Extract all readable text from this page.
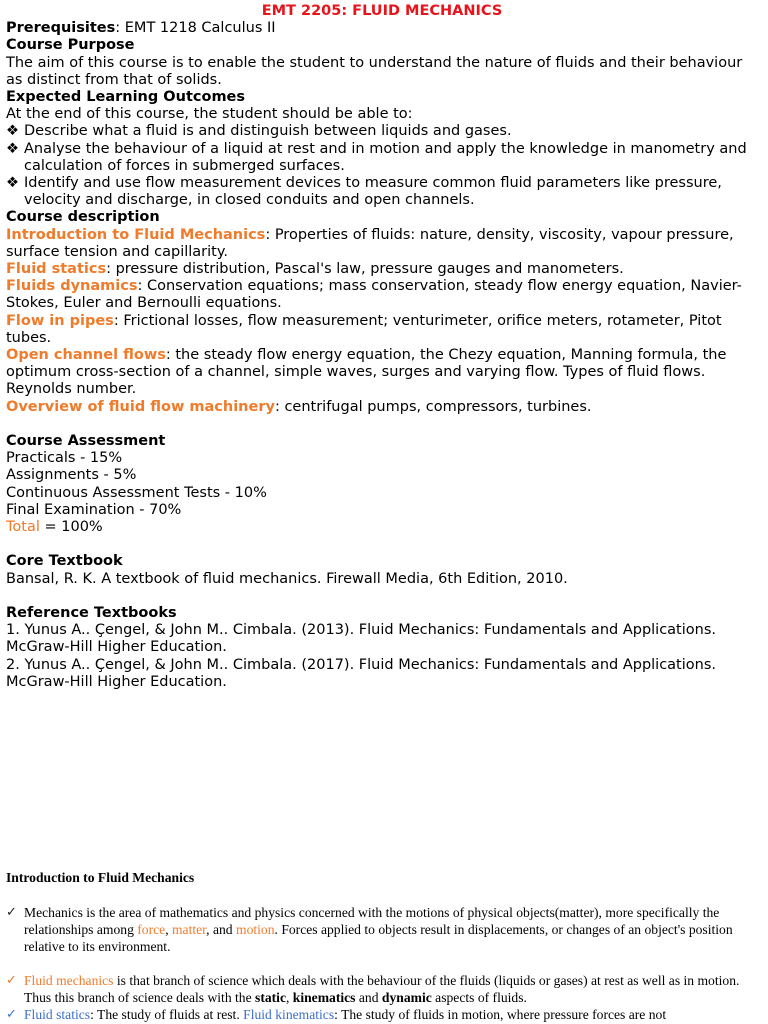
EMT 2205: FLUID MECHANICS

Prerequisites: EMT 1218 Calculus II
Course Purpose

The aim of this course is to enable the student to understand the nature of fluids and their behaviour as distinct from that of solids.

Expected Learning Outcomes

At the end of this course, the student should be able to:

❖ Describe what a fluid is and distinguish between liquids and gases.
❖ Analyse the behaviour of a liquid at rest and in motion and apply the knowledge in manometry and calculation of forces in submerged surfaces.
❖ Identify and use flow measurement devices to measure common fluid parameters like pressure, velocity and discharge, in closed conduits and open channels.
Course description

Introduction to Fluid Mechanics: Properties of fluids: nature, density, viscosity, vapour pressure, surface tension and capillarity.

Fluid statics: pressure distribution, Pascal's law, pressure gauges and manometers.

Fluids dynamics: Conservation equations; mass conservation, steady flow energy equation, Navier-Stokes, Euler and Bernoulli equations.

Flow in pipes: Frictional losses, flow measurement; venturimeter, orifice meters, rotameter, Pitot tubes.

Open channel flows: the steady flow energy equation, the Chezy equation, Manning formula, the optimum cross-section of a channel, simple waves, surges and varying flow. Types of fluid flows. Reynolds number.

Overview of fluid flow machinery: centrifugal pumps, compressors, turbines.

Course Assessment
Practicals - 15%
Assignments - 5%
Continuous Assessment Tests - 10%
Final Examination - 70%
Total = 100%
Core Textbook

Bansal, R. K. A textbook of fluid mechanics. Firewall Media, 6th Edition, 2010.

Reference Textbooks

1. Yunus A.. Çengel, & John M.. Cimbala. (2013). Fluid Mechanics: Fundamentals and Applications. McGraw-Hill Higher Education.

2. Yunus A.. Çengel, & John M.. Cimbala. (2017). Fluid Mechanics: Fundamentals and Applications. McGraw-Hill Higher Education.

Introduction to Fluid Mechanics

✓ Mechanics is the area of mathematics and physics concerned with the motions of physical objects(matter), more specifically the relationships among force, matter, and motion. Forces applied to objects result in displacements, or changes of an object's position relative to its environment.
✓ Fluid mechanics is that branch of science which deals with the behaviour of the fluids (liquids or gases) at rest as well as in motion. Thus this branch of science deals with the static, kinematics and dynamic aspects of fluids.
✓ Fluid statics: The study of fluids at rest. Fluid kinematics: The study of fluids in motion, where pressure forces are not
